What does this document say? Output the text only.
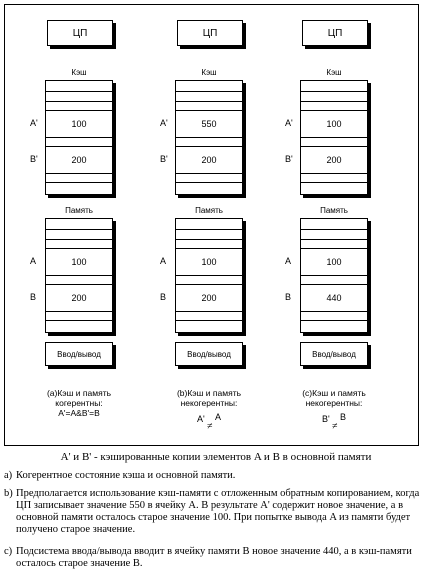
ЦП
Кэш
A'
B'
100
200
Память
A
B
100
200
Ввод/вывод
(a)Кэш и память
когерентны:
A'=A&B'=B
ЦП
Кэш
A'
B'
550
200
Память
A
B
100
200
Ввод/вывод
(b)Кэш и память
некогерентны:
A'
≠
A
ЦП
Кэш
A'
B'
100
200
Память
A
B
100
440
Ввод/вывод
(c)Кэш и память
некогерентны:
B'
≠
B
A' и B' - кэшированные копии элементов A и B в основной памяти
a) Когерентное состояние кэша и основной памяти.
b) Предполагается использование кэш-памяти с отложенным обратным копированием, когда ЦП записывает значение 550 в ячейку A. В результате A' содержит новое значение, а в основной памяти осталось старое значение 100. При попытке вывода A из памяти будет получено старое значение.
c) Подсистема ввода/вывода вводит в ячейку памяти B новое значение 440, а в кэш-памяти осталось старое значение B.
